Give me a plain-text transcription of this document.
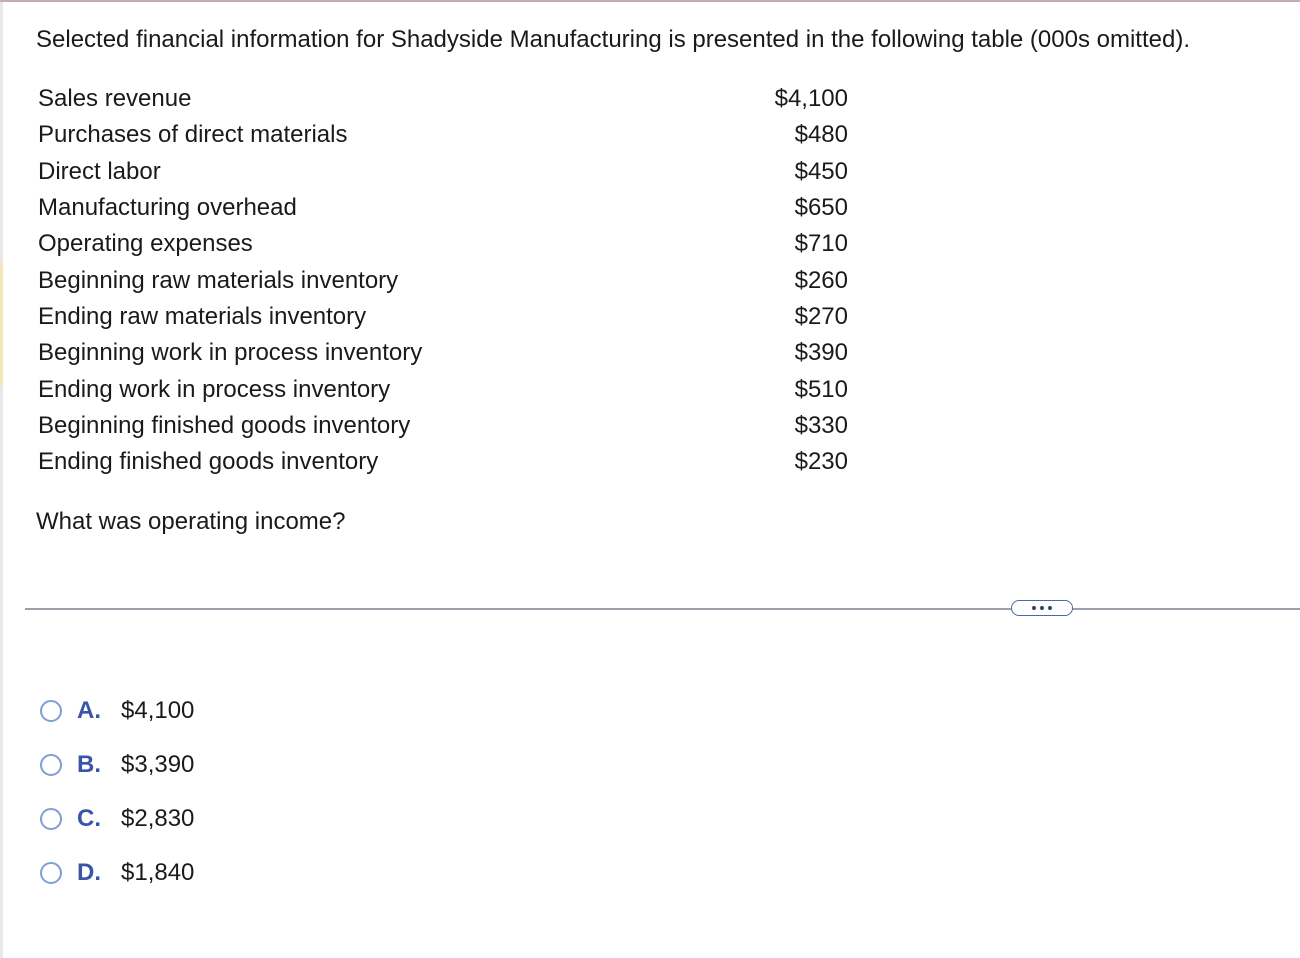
Selected financial information for Shadyside Manufacturing is presented in the following table (000s omitted).
Sales revenue	$4,100
Purchases of direct materials	$480
Direct labor	$450
Manufacturing overhead	$650
Operating expenses	$710
Beginning raw materials inventory	$260
Ending raw materials inventory	$270
Beginning work in process inventory	$390
Ending work in process inventory	$510
Beginning finished goods inventory	$330
Ending finished goods inventory	$230
What was operating income?
A. $4,100
B. $3,390
C. $2,830
D. $1,840
